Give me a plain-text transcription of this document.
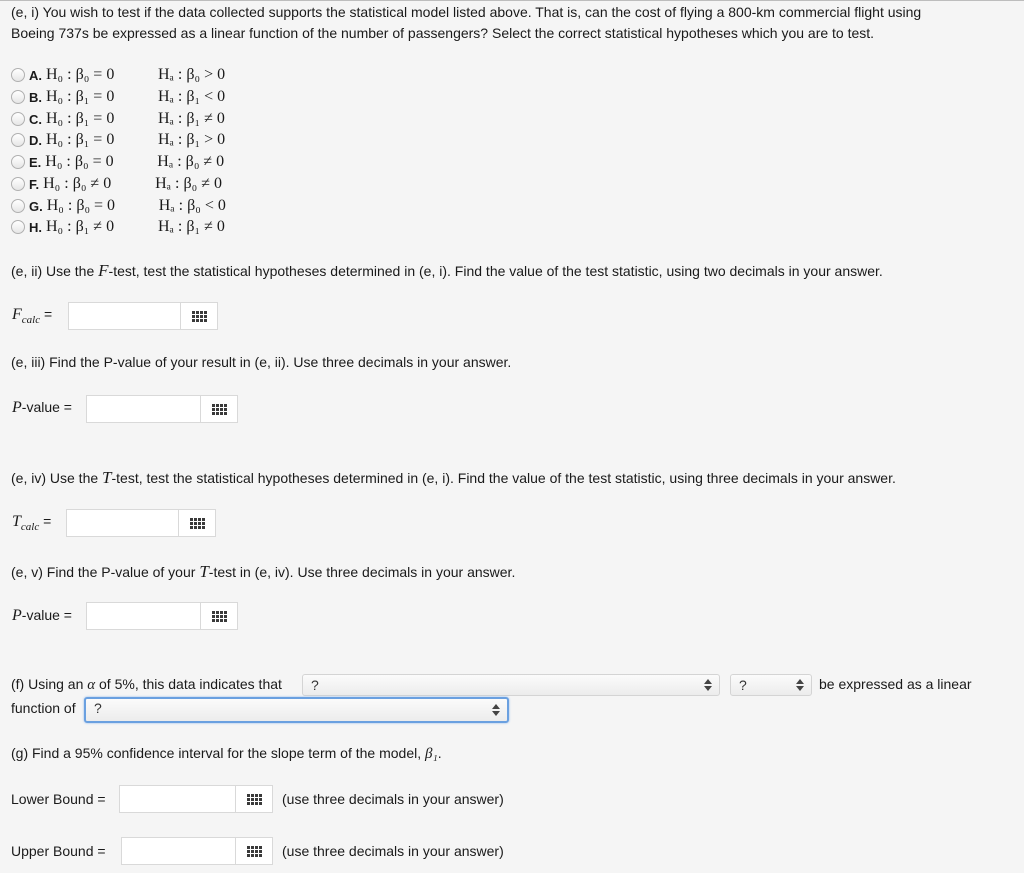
(e, i) You wish to test if the data collected supports the statistical model listed above. That is, can the cost of flying a 800-km commercial flight using
Boeing 737s be expressed as a linear function of the number of passengers? Select the correct statistical hypotheses which you are to test.
A. H₀ : β₀ = 0	Hₐ : β₀ > 0
B. H₀ : β₁ = 0	Hₐ : β₁ < 0
C. H₀ : β₁ = 0	Hₐ : β₁ ≠ 0
D. H₀ : β₁ = 0	Hₐ : β₁ > 0
E. H₀ : β₀ = 0	Hₐ : β₀ ≠ 0
F. H₀ : β₀ ≠ 0	Hₐ : β₀ ≠ 0
G. H₀ : β₀ = 0	Hₐ : β₀ < 0
H. H₀ : β₁ ≠ 0	Hₐ : β₁ ≠ 0
(e, ii) Use the F-test, test the statistical hypotheses determined in (e, i). Find the value of the test statistic, using two decimals in your answer.
$F_{calc}$ =
(e, iii) Find the P-value of your result in (e, ii). Use three decimals in your answer.
P-value =
(e, iv) Use the T-test, test the statistical hypotheses determined in (e, i). Find the value of the test statistic, using three decimals in your answer.
$T_{calc}$ =
(e, v) Find the P-value of your T-test in (e, iv). Use three decimals in your answer.
P-value =
(f) Using an α of 5%, this data indicates that	?	?	be expressed as a linear
function of	?
(g) Find a 95% confidence interval for the slope term of the model, β₁.
Lower Bound =	(use three decimals in your answer)
Upper Bound =	(use three decimals in your answer)
